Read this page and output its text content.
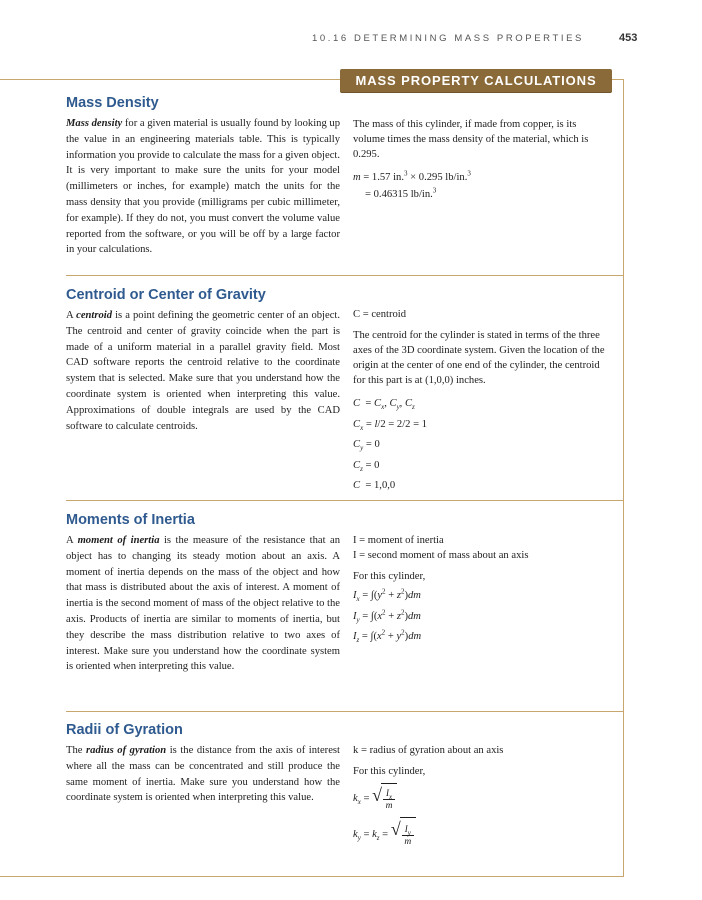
10.16 DETERMINING MASS PROPERTIES	453
MASS PROPERTY CALCULATIONS
Mass Density
Mass density for a given material is usually found by looking up the value in an engineering materials table. This is typically information you provide to calculate the mass for a given object. It is very important to make sure the units for your model (millimeters or inches, for example) match the units for the mass density that you provide (milligrams per cubic millimeter, for example). If they do not, you must convert the volume value reported from the software, or you will be off by a large factor in your calculations.

The mass of this cylinder, if made from copper, is its volume times the mass density of the material, which is 0.295.

m = 1.57 in.$^3$ × 0.295 lb/in.$^3$
= 0.46315 lb/in.$^3$
Centroid or Center of Gravity
A centroid is a point defining the geometric center of an object. The centroid and center of gravity coincide when the part is made of a uniform material in a parallel gravity field. Most CAD software reports the centroid relative to the coordinate system that is selected. Make sure that you understand how the coordinate system is oriented when interpreting this value. Approximations of double integrals are used by the CAD software to calculate centroids.

C = centroid

The centroid for the cylinder is stated in terms of the three axes of the 3D coordinate system. Given the location of the origin at the center of one end of the cylinder, the centroid for this part is at (1,0,0) inches.

$C = C_x$, $C_y$, $C_z$
$C_x = l/2 = 2/2 = 1$
$C_y = 0$
$C_z = 0$
C  = 1,0,0
Moments of Inertia
A moment of inertia is the measure of the resistance that an object has to changing its steady motion about an axis. A moment of inertia depends on the mass of the object and how that mass is distributed about the axis of interest. A moment of inertia is the second moment of mass of the object relative to the axis. Products of inertia are similar to moments of inertia, but they describe the mass distribution relative to two axes of interest. Make sure you understand how the coordinate system is oriented when interpreting this value.

I = moment of inertia

I = second moment of mass about an axis

For this cylinder,

$I_x = \int(y^2 + z^2)dm$
$I_y = \int(x^2 + z^2)dm$
$I_z = \int(x^2 + y^2)dm$
Radii of Gyration
The radius of gyration is the distance from the axis of interest where all the mass can be concentrated and still produce the same moment of inertia. Make sure you understand how the coordinate system is oriented when interpreting this value.

k = radius of gyration about an axis

For this cylinder,

$k_x$ = √ $\frac{I_x}{m}$
$k_y = k_z$ = √ $\frac{I_y}{m}$
